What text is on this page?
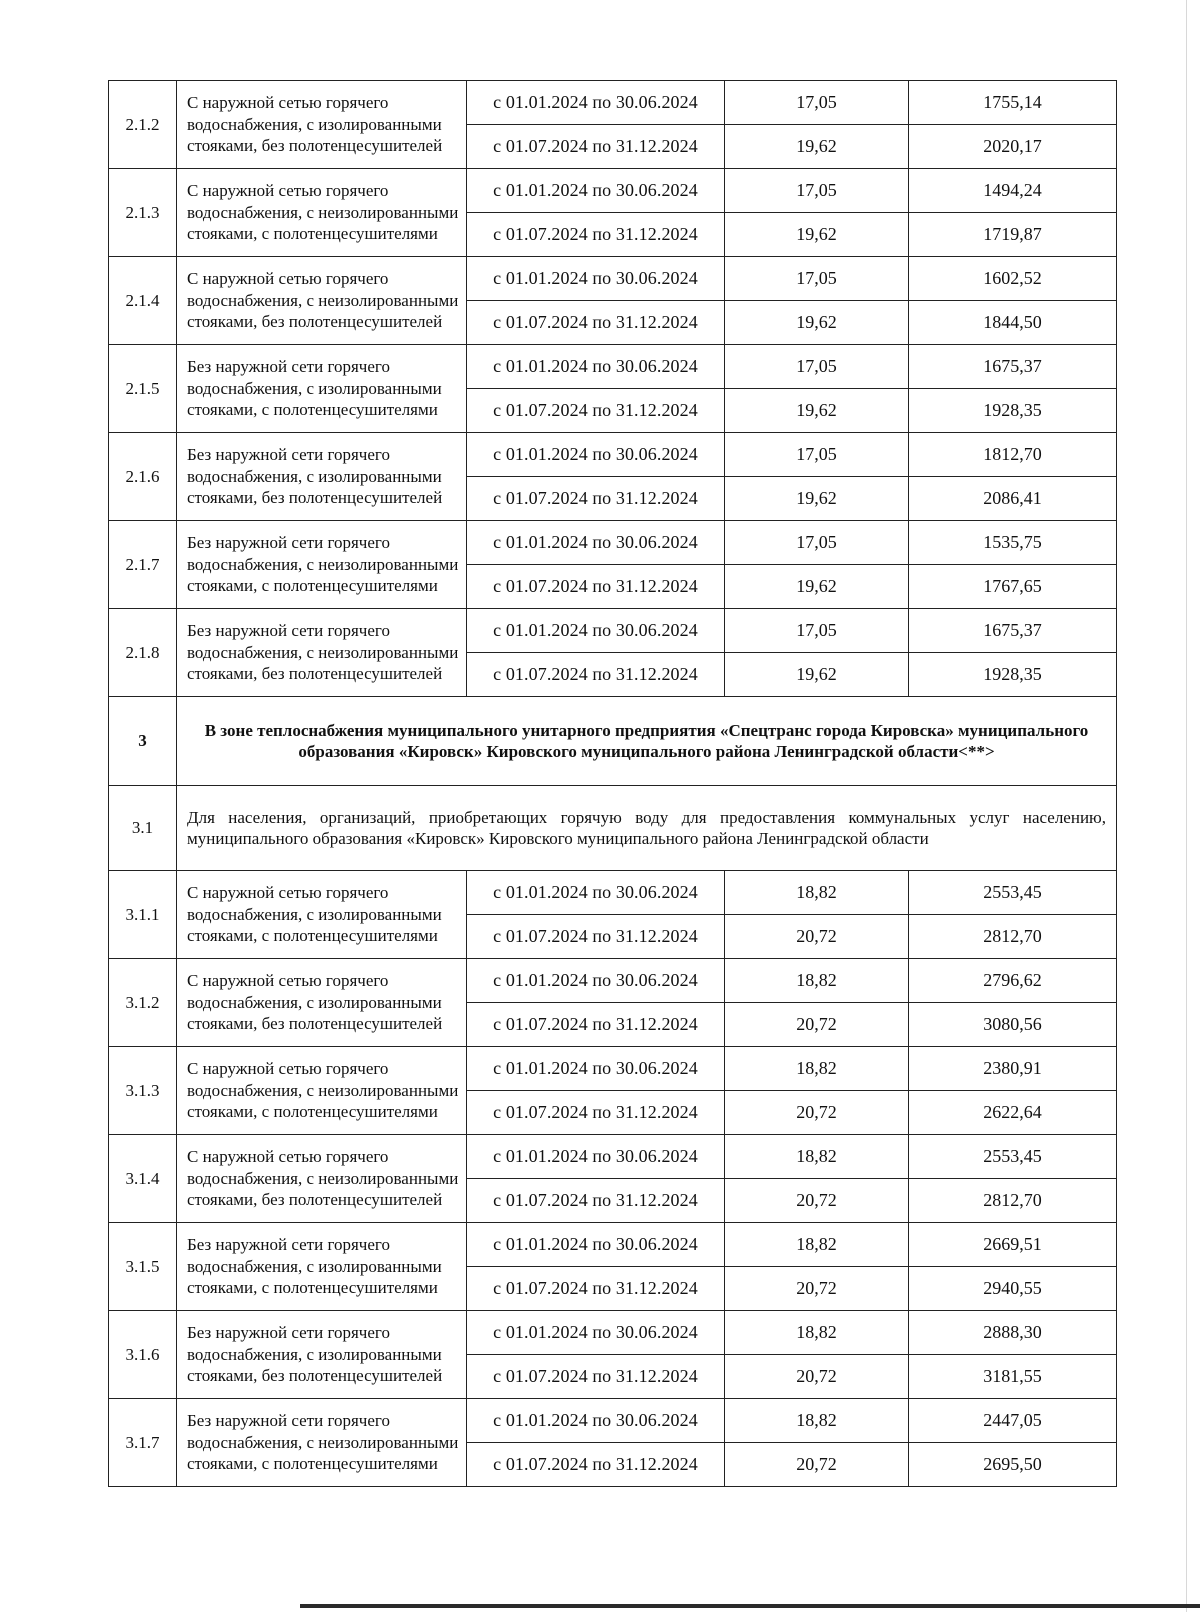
2.1.2	С наружной сетью горячего водоснабжения, с изолированными стояками, без полотенцесушителей	с 01.01.2024 по 30.06.2024	17,05	1755,14
		с 01.07.2024 по 31.12.2024	19,62	2020,17
2.1.3	С наружной сетью горячего водоснабжения, с неизолированными стояками, с полотенцесушителями	с 01.01.2024 по 30.06.2024	17,05	1494,24
		с 01.07.2024 по 31.12.2024	19,62	1719,87
2.1.4	С наружной сетью горячего водоснабжения, с неизолированными стояками, без полотенцесушителей	с 01.01.2024 по 30.06.2024	17,05	1602,52
		с 01.07.2024 по 31.12.2024	19,62	1844,50
2.1.5	Без наружной сети горячего водоснабжения, с изолированными стояками, с полотенцесушителями	с 01.01.2024 по 30.06.2024	17,05	1675,37
		с 01.07.2024 по 31.12.2024	19,62	1928,35
2.1.6	Без наружной сети горячего водоснабжения, с изолированными стояками, без полотенцесушителей	с 01.01.2024 по 30.06.2024	17,05	1812,70
		с 01.07.2024 по 31.12.2024	19,62	2086,41
2.1.7	Без наружной сети горячего водоснабжения, с неизолированными стояками, с полотенцесушителями	с 01.01.2024 по 30.06.2024	17,05	1535,75
		с 01.07.2024 по 31.12.2024	19,62	1767,65
2.1.8	Без наружной сети горячего водоснабжения, с неизолированными стояками, без полотенцесушителей	с 01.01.2024 по 30.06.2024	17,05	1675,37
		с 01.07.2024 по 31.12.2024	19,62	1928,35
3	В зоне теплоснабжения муниципального унитарного предприятия «Спецтранс города Кировска» муниципального образования «Кировск» Кировского муниципального района Ленинградской области<**>			
3.1	Для населения, организаций, приобретающих горячую воду для предоставления коммунальных услуг населению, муниципального образования «Кировск» Кировского муниципального района Ленинградской области			
3.1.1	С наружной сетью горячего водоснабжения, с изолированными стояками, с полотенцесушителями	с 01.01.2024 по 30.06.2024	18,82	2553,45
		с 01.07.2024 по 31.12.2024	20,72	2812,70
3.1.2	С наружной сетью горячего водоснабжения, с изолированными стояками, без полотенцесушителей	с 01.01.2024 по 30.06.2024	18,82	2796,62
		с 01.07.2024 по 31.12.2024	20,72	3080,56
3.1.3	С наружной сетью горячего водоснабжения, с неизолированными стояками, с полотенцесушителями	с 01.01.2024 по 30.06.2024	18,82	2380,91
		с 01.07.2024 по 31.12.2024	20,72	2622,64
3.1.4	С наружной сетью горячего водоснабжения, с неизолированными стояками, без полотенцесушителей	с 01.01.2024 по 30.06.2024	18,82	2553,45
		с 01.07.2024 по 31.12.2024	20,72	2812,70
3.1.5	Без наружной сети горячего водоснабжения, с изолированными стояками, с полотенцесушителями	с 01.01.2024 по 30.06.2024	18,82	2669,51
		с 01.07.2024 по 31.12.2024	20,72	2940,55
3.1.6	Без наружной сети горячего водоснабжения, с изолированными стояками, без полотенцесушителей	с 01.01.2024 по 30.06.2024	18,82	2888,30
		с 01.07.2024 по 31.12.2024	20,72	3181,55
3.1.7	Без наружной сети горячего водоснабжения, с неизолированными стояками, с полотенцесушителями	с 01.01.2024 по 30.06.2024	18,82	2447,05
		с 01.07.2024 по 31.12.2024	20,72	2695,50
